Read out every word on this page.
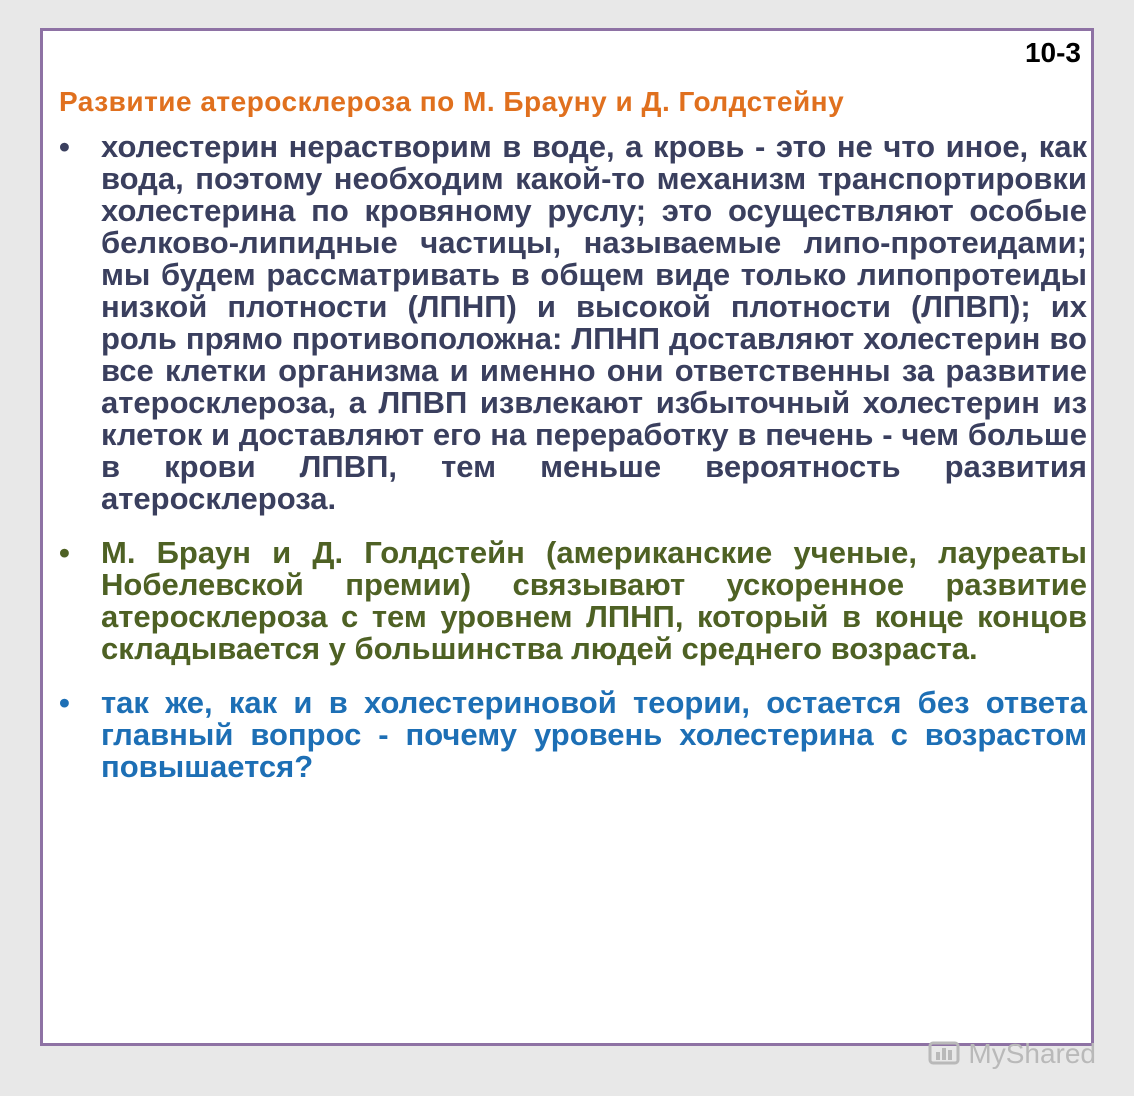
10-3
Развитие атеросклероза по М. Брауну и Д. Голдстейну
•	холестерин нерастворим в воде, а кровь - это не что иное, как вода, поэтому необходим какой-то механизм транспортировки холестерина по кровяному руслу; это осуществляют особые белково-липидные частицы, называемые липо-протеидами; мы будем рассматривать в общем виде только липопротеиды низкой плотности (ЛПНП) и высокой плотности (ЛПВП); их роль прямо противоположна: ЛПНП доставляют холестерин во все клетки организма и именно они ответственны за развитие атеросклероза, а ЛПВП извлекают избыточный холестерин из клеток и доставляют его на переработку в печень - чем больше в крови ЛПВП, тем меньше вероятность развития атеросклероза.
•	М. Браун и Д. Голдстейн (американские ученые, лауреаты Нобелевской премии) связывают ускоренное развитие атеросклероза с тем уровнем ЛПНП, который в конце концов складывается у большинства людей среднего возраста.
•	так же, как и в холестериновой теории, остается без ответа главный вопрос - почему уровень холестерина с возрастом повышается?
MyShared
